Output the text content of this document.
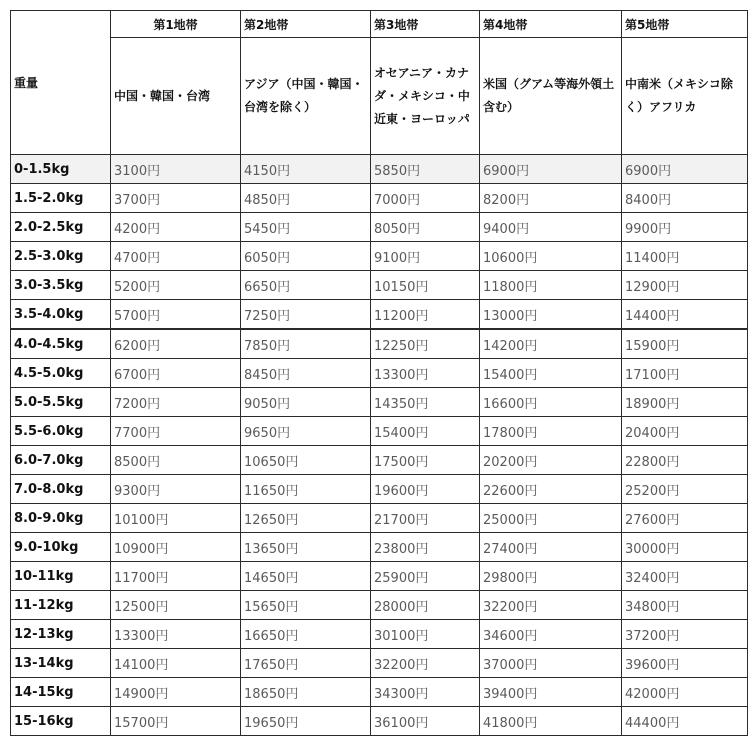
重量	第1地帯	第2地帯	第3地帯	第4地帯	第5地帯
	中国・韓国・台湾	アジア（中国・韓国・台湾を除く）	オセアニア・カナダ・メキシコ・中近東・ヨーロッパ	米国（グアム等海外領土含む）	中南米（メキシコ除く）アフリカ
0-1.5kg	3100円	4150円	5850円	6900円	6900円
1.5-2.0kg	3700円	4850円	7000円	8200円	8400円
2.0-2.5kg	4200円	5450円	8050円	9400円	9900円
2.5-3.0kg	4700円	6050円	9100円	10600円	11400円
3.0-3.5kg	5200円	6650円	10150円	11800円	12900円
3.5-4.0kg	5700円	7250円	11200円	13000円	14400円
4.0-4.5kg	6200円	7850円	12250円	14200円	15900円
4.5-5.0kg	6700円	8450円	13300円	15400円	17100円
5.0-5.5kg	7200円	9050円	14350円	16600円	18900円
5.5-6.0kg	7700円	9650円	15400円	17800円	20400円
6.0-7.0kg	8500円	10650円	17500円	20200円	22800円
7.0-8.0kg	9300円	11650円	19600円	22600円	25200円
8.0-9.0kg	10100円	12650円	21700円	25000円	27600円
9.0-10kg	10900円	13650円	23800円	27400円	30000円
10-11kg	11700円	14650円	25900円	29800円	32400円
11-12kg	12500円	15650円	28000円	32200円	34800円
12-13kg	13300円	16650円	30100円	34600円	37200円
13-14kg	14100円	17650円	32200円	37000円	39600円
14-15kg	14900円	18650円	34300円	39400円	42000円
15-16kg	15700円	19650円	36100円	41800円	44400円
